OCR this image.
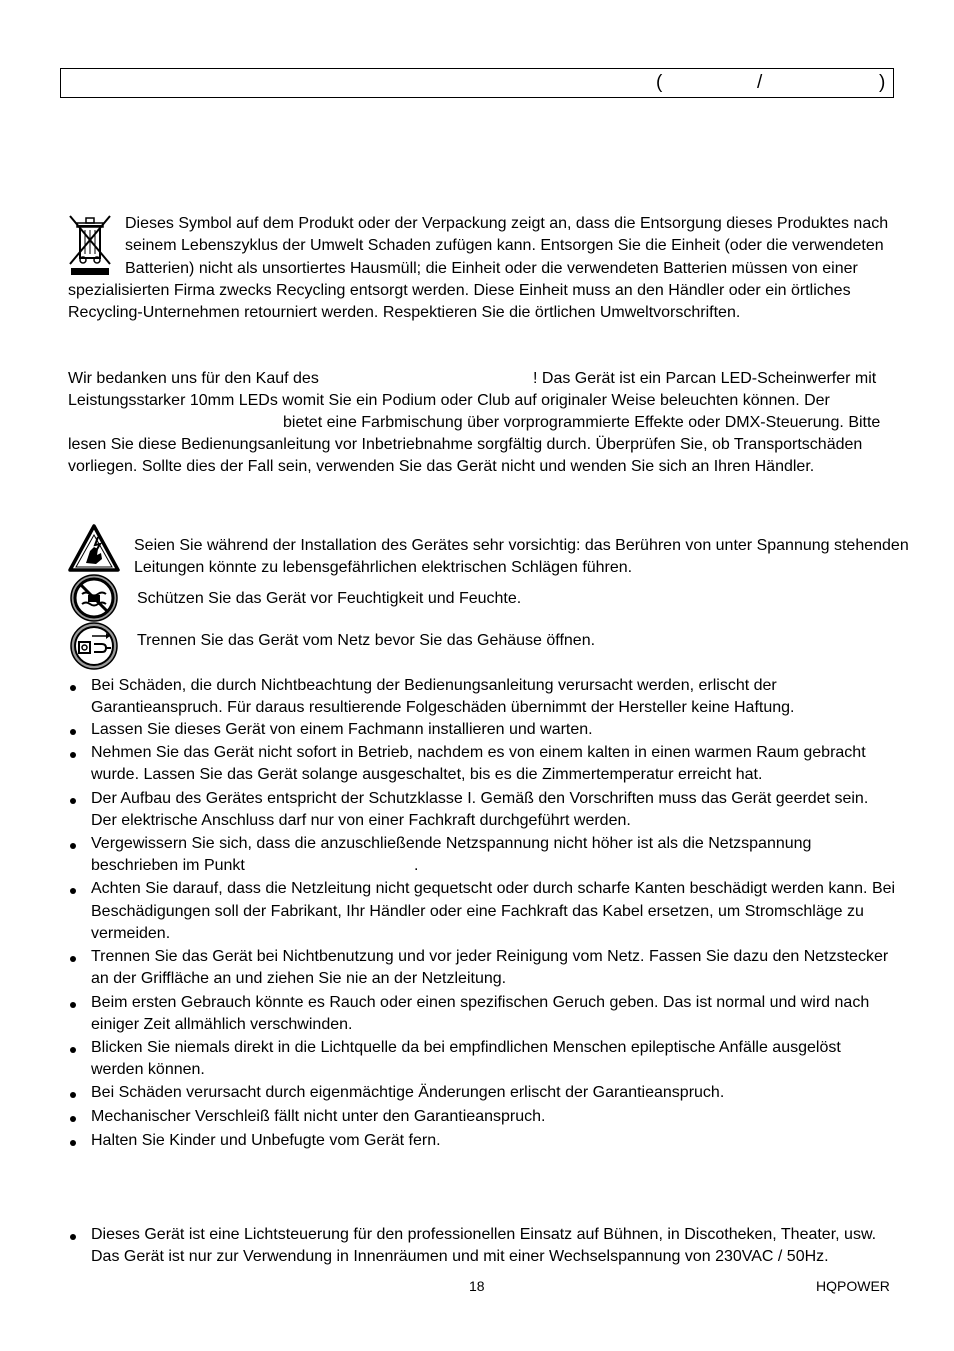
(	/	)
Dieses Symbol auf dem Produkt oder der Verpackung zeigt an, dass die Entsorgung dieses Produktes nach
seinem Lebenszyklus der Umwelt Schaden zufügen kann. Entsorgen Sie die Einheit (oder die verwendeten
Batterien) nicht als unsortiertes Hausmüll; die Einheit oder die verwendeten Batterien müssen von einer
spezialisierten Firma zwecks Recycling entsorgt werden. Diese Einheit muss an den Händler oder ein örtliches
Recycling-Unternehmen retourniert werden. Respektieren Sie die örtlichen Umweltvorschriften.
Wir bedanken uns für den Kauf des	! Das Gerät ist ein Parcan LED-Scheinwerfer mit
Leistungsstarker 10mm LEDs womit Sie ein Podium oder Club auf originaler Weise beleuchten können. Der
bietet eine Farbmischung über vorprogrammierte Effekte oder DMX-Steuerung. Bitte
lesen Sie diese Bedienungsanleitung vor Inbetriebnahme sorgfältig durch. Überprüfen Sie, ob Transportschäden
vorliegen. Sollte dies der Fall sein, verwenden Sie das Gerät nicht und wenden Sie sich an Ihren Händler.
Seien Sie während der Installation des Gerätes sehr vorsichtig: das Berühren von unter Spannung stehenden
Leitungen könnte zu lebensgefährlichen elektrischen Schlägen führen.
Schützen Sie das Gerät vor Feuchtigkeit und Feuchte.
Trennen Sie das Gerät vom Netz bevor Sie das Gehäuse öffnen.
Bei Schäden, die durch Nichtbeachtung der Bedienungsanleitung verursacht werden, erlischt der
Garantieanspruch. Für daraus resultierende Folgeschäden übernimmt der Hersteller keine Haftung.
Lassen Sie dieses Gerät von einem Fachmann installieren und warten.
Nehmen Sie das Gerät nicht sofort in Betrieb, nachdem es von einem kalten in einen warmen Raum gebracht
wurde. Lassen Sie das Gerät solange ausgeschaltet, bis es die Zimmertemperatur erreicht hat.
Der Aufbau des Gerätes entspricht der Schutzklasse I. Gemäß den Vorschriften muss das Gerät geerdet sein.
Der elektrische Anschluss darf nur von einer Fachkraft durchgeführt werden.
Vergewissern Sie sich, dass die anzuschließende Netzspannung nicht höher ist als die Netzspannung
beschrieben im Punkt	.
Achten Sie darauf, dass die Netzleitung nicht gequetscht oder durch scharfe Kanten beschädigt werden kann. Bei
Beschädigungen soll der Fabrikant, Ihr Händler oder eine Fachkraft das Kabel ersetzen, um Stromschläge zu
vermeiden.
Trennen Sie das Gerät bei Nichtbenutzung und vor jeder Reinigung vom Netz. Fassen Sie dazu den Netzstecker
an der Griffläche an und ziehen Sie nie an der Netzleitung.
Beim ersten Gebrauch könnte es Rauch oder einen spezifischen Geruch geben. Das ist normal und wird nach
einiger Zeit allmählich verschwinden.
Blicken Sie niemals direkt in die Lichtquelle da bei empfindlichen Menschen epileptische Anfälle ausgelöst
werden können.
Bei Schäden verursacht durch eigenmächtige Änderungen erlischt der Garantieanspruch.
Mechanischer Verschleiß fällt nicht unter den Garantieanspruch.
Halten Sie Kinder und Unbefugte vom Gerät fern.
Dieses Gerät ist eine Lichtsteuerung für den professionellen Einsatz auf Bühnen, in Discotheken, Theater, usw.
Das Gerät ist nur zur Verwendung in Innenräumen und mit einer Wechselspannung von 230VAC / 50Hz.
18	HQPOWER
